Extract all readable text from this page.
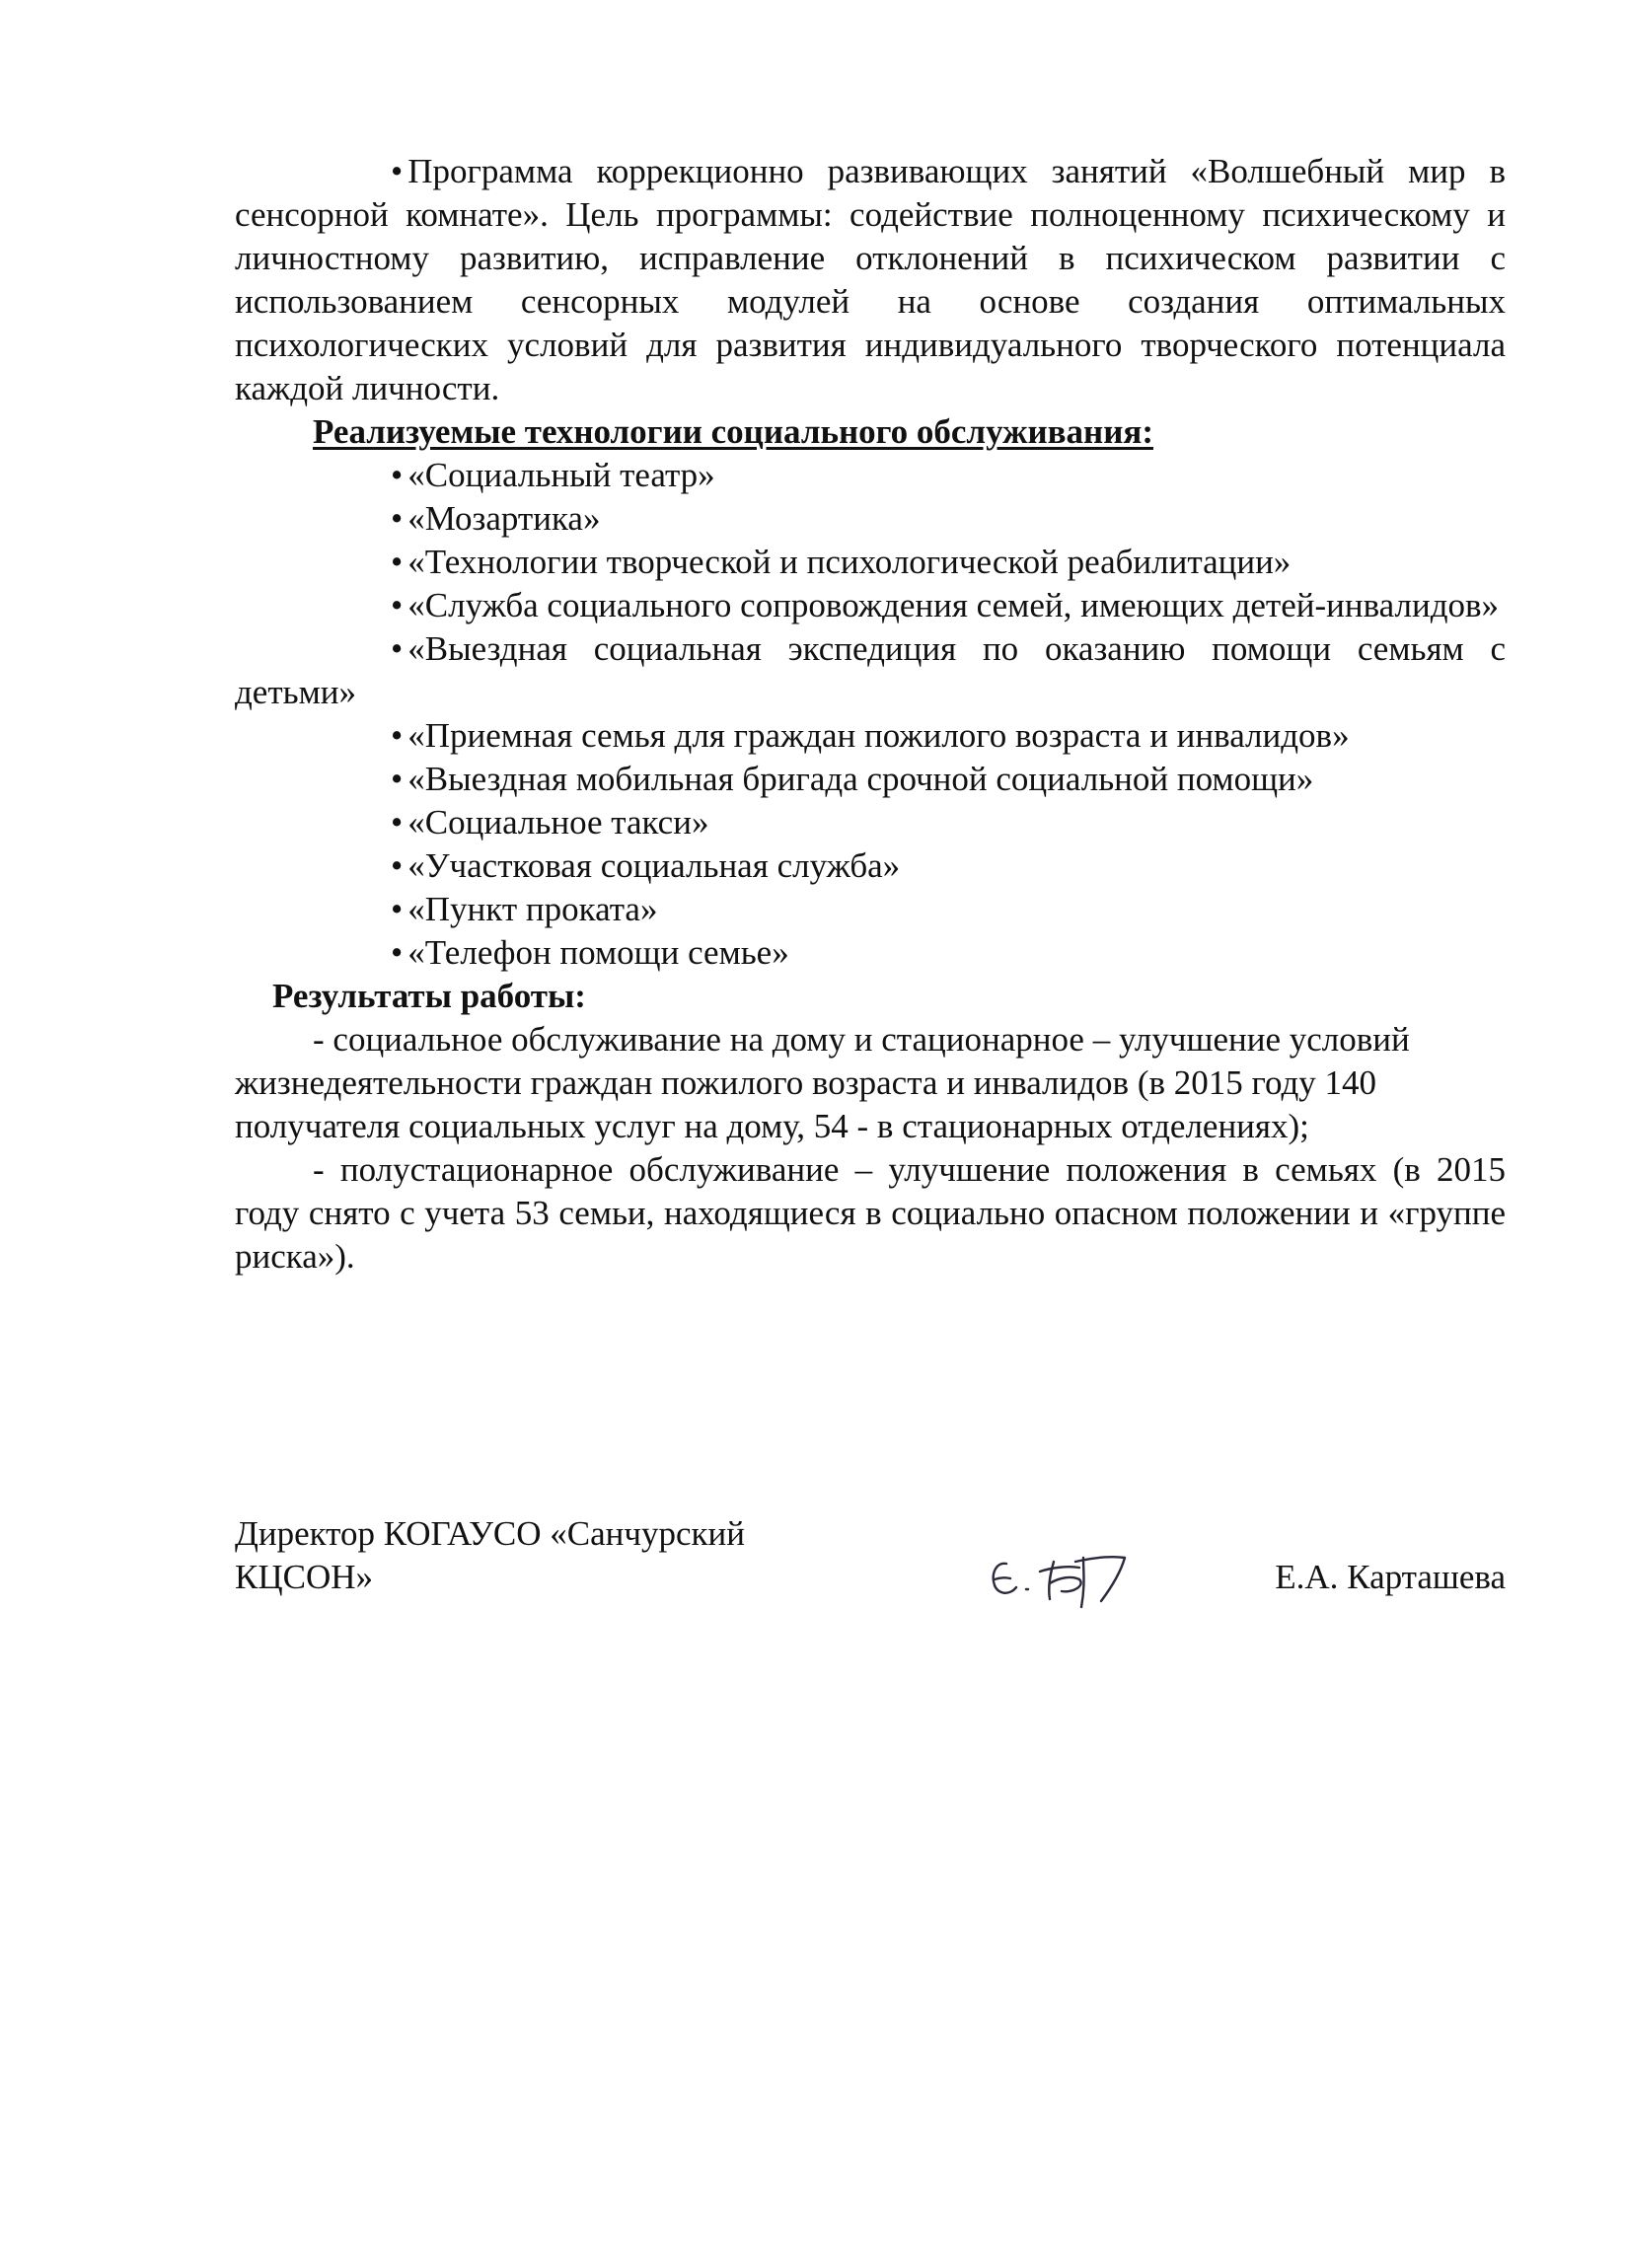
• Программа коррекционно развивающих занятий «Волшебный мир в сенсорной комнате». Цель программы: содействие полноценному психическому и личностному развитию, исправление отклонений в психическом развитии с использованием сенсорных модулей на основе создания оптимальных психологических условий для развития индивидуального творческого потенциала каждой личности.

Реализуемые технологии социального обслуживания:

• «Социальный театр»
• «Мозартика»
• «Технологии творческой и психологической реабилитации»
• «Служба социального сопровождения семей, имеющих детей-инвалидов»
• «Выездная социальная экспедиция по оказанию помощи семьям с детьми»
• «Приемная семья для граждан пожилого возраста и инвалидов»
• «Выездная мобильная бригада срочной социальной помощи»
• «Социальное такси»
• «Участковая социальная служба»
• «Пункт проката»
• «Телефон помощи семье»

Результаты работы:

- социальное обслуживание на дому и стационарное – улучшение условий жизнедеятельности граждан пожилого возраста и инвалидов (в 2015 году 140 получателя социальных услуг на дому, 54 - в стационарных отделениях);

- полустационарное обслуживание – улучшение положения в семьях (в 2015 году снято с учета 53 семьи, находящиеся в социально опасном положении и «группе риска»).

Директор КОГАУСО «Санчурский
КЦСОН»	Е.А. Карташева
